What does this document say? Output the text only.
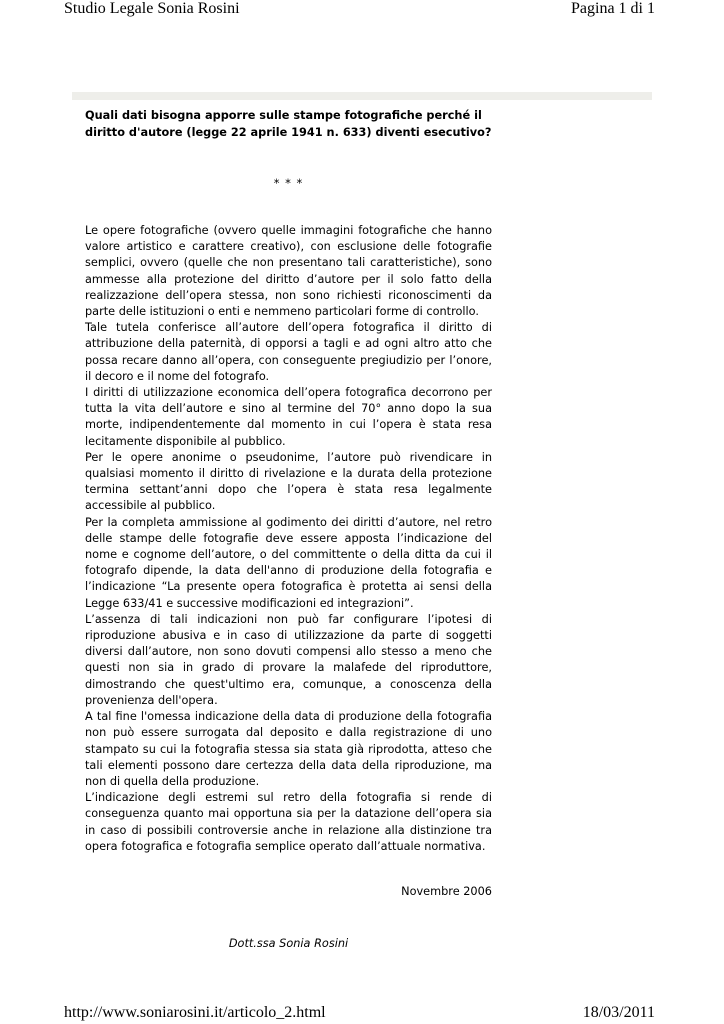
Studio Legale Sonia Rosini	Pagina 1 di 1

Quali dati bisogna apporre sulle stampe fotografiche perché il diritto d'autore (legge 22 aprile 1941 n. 633) diventi esecutivo?

* * *

Le opere fotografiche (ovvero quelle immagini fotografiche che hanno valore artistico e carattere creativo), con esclusione delle fotografie semplici, ovvero (quelle che non presentano tali caratteristiche), sono ammesse alla protezione del diritto d’autore per il solo fatto della realizzazione dell’opera stessa, non sono richiesti riconoscimenti da parte delle istituzioni o enti e nemmeno particolari forme di controllo.

Tale tutela conferisce all’autore dell’opera fotografica il diritto di attribuzione della paternità, di opporsi a tagli e ad ogni altro atto che possa recare danno all’opera, con conseguente pregiudizio per l’onore, il decoro e il nome del fotografo.

I diritti di utilizzazione economica dell’opera fotografica decorrono per tutta la vita dell’autore e sino al termine del 70° anno dopo la sua morte, indipendentemente dal momento in cui l’opera è stata resa lecitamente disponibile al pubblico.

Per le opere anonime o pseudonime, l’autore può rivendicare in qualsiasi momento il diritto di rivelazione e la durata della protezione termina settant’anni dopo che l’opera è stata resa legalmente accessibile al pubblico.

Per la completa ammissione al godimento dei diritti d’autore, nel retro delle stampe delle fotografie deve essere apposta l’indicazione del nome e cognome dell’autore, o del committente o della ditta da cui il fotografo dipende, la data dell'anno di produzione della fotografia e l’indicazione “La presente opera fotografica è protetta ai sensi della Legge 633/41 e successive modificazioni ed integrazioni”.

L’assenza di tali indicazioni non può far configurare l’ipotesi di riproduzione abusiva e in caso di utilizzazione da parte di soggetti diversi dall’autore, non sono dovuti compensi allo stesso a meno che questi non sia in grado di provare la malafede del riproduttore, dimostrando che quest'ultimo era, comunque, a conoscenza della provenienza dell'opera.

A tal fine l'omessa indicazione della data di produzione della fotografia non può essere surrogata dal deposito e dalla registrazione di uno stampato su cui la fotografia stessa sia stata già riprodotta, atteso che tali elementi possono dare certezza della data della riproduzione, ma non di quella della produzione.

L’indicazione degli estremi sul retro della fotografia si rende di conseguenza quanto mai opportuna sia per la datazione dell’opera sia in caso di possibili controversie anche in relazione alla distinzione tra opera fotografica e fotografia semplice operato dall’attuale normativa.

Novembre 2006
Dott.ssa Sonia Rosini
http://www.soniarosini.it/articolo_2.html	18/03/2011
